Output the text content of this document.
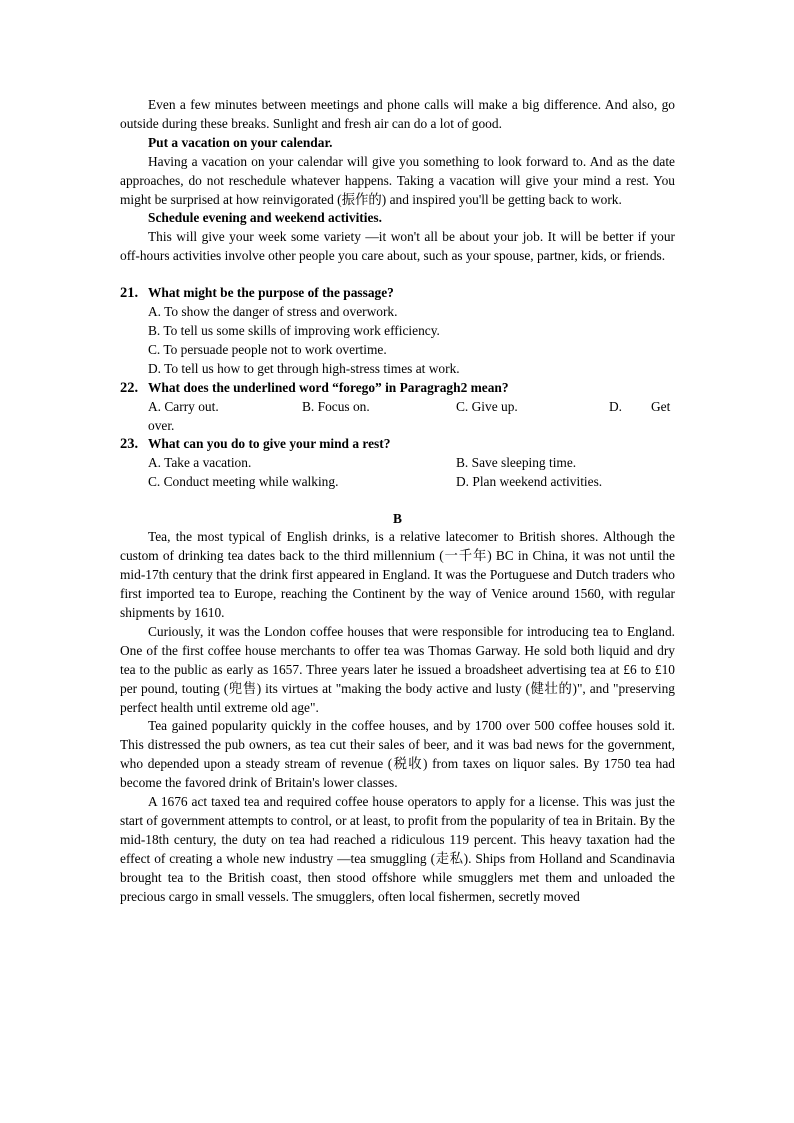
Even a few minutes between meetings and phone calls will make a big difference. And also, go outside during these breaks. Sunlight and fresh air can do a lot of good.

Put a vacation on your calendar.

Having a vacation on your calendar will give you something to look forward to. And as the date approaches, do not reschedule whatever happens. Taking a vacation will give your mind a rest. You might be surprised at how reinvigorated (振作的) and inspired you'll be getting back to work.

Schedule evening and weekend activities.

This will give your week some variety —it won't all be about your job. It will be better if your off-hours activities involve other people you care about, such as your spouse, partner, kids, or friends.

21. What might be the purpose of the passage?

A. To show the danger of stress and overwork.

B. To tell us some skills of improving work efficiency.

C. To persuade people not to work overtime.

D. To tell us how to get through high-stress times at work.

22. What does the underlined word “forego” in Paragragh2 mean?
A. Carry out.	B. Focus on.	C. Give up.	D. Get
over.
23. What can you do to give your mind a rest?
A. Take a vacation.	B. Save sleeping time.
C. Conduct meeting while walking.	D. Plan weekend activities.

B

Tea, the most typical of English drinks, is a relative latecomer to British shores. Although the custom of drinking tea dates back to the third millennium (一千年) BC in China, it was not until the mid-17th century that the drink first appeared in England. It was the Portuguese and Dutch traders who first imported tea to Europe, reaching the Continent by the way of Venice around 1560, with regular shipments by 1610.

Curiously, it was the London coffee houses that were responsible for introducing tea to England. One of the first coffee house merchants to offer tea was Thomas Garway. He sold both liquid and dry tea to the public as early as 1657. Three years later he issued a broadsheet advertising tea at £6 to £10 per pound, touting (兜售) its virtues at "making the body active and lusty (健壮的)", and "preserving perfect health until extreme old age".

Tea gained popularity quickly in the coffee houses, and by 1700 over 500 coffee houses sold it. This distressed the pub owners, as tea cut their sales of beer, and it was bad news for the government, who depended upon a steady stream of revenue (税收) from taxes on liquor sales. By 1750 tea had become the favored drink of Britain's lower classes.

A 1676 act taxed tea and required coffee house operators to apply for a license. This was just the start of government attempts to control, or at least, to profit from the popularity of tea in Britain. By the mid-18th century, the duty on tea had reached a ridiculous 119 percent. This heavy taxation had the effect of creating a whole new industry —tea smuggling (走私). Ships from Holland and Scandinavia brought tea to the British coast, then stood offshore while smugglers met them and unloaded the precious cargo in small vessels. The smugglers, often local fishermen, secretly moved
